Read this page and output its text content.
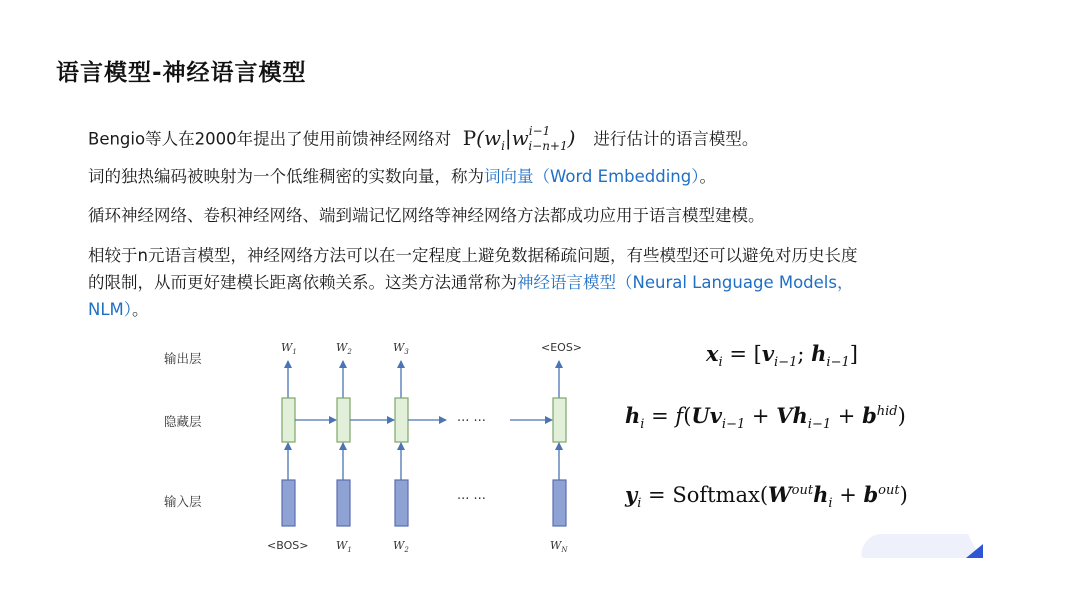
语言模型-神经语言模型
Bengio等人在2000年提出了使用前馈神经网络对 $P(w_i|w^{i-1}_{i-n+1})$   进行估计的语言模型。
词的独热编码被映射为一个低维稠密的实数向量，称为词向量（Word Embedding）。
循环神经网络、卷积神经网络、端到端记忆网络等神经网络方法都成功应用于语言模型建模。
相较于n元语言模型，神经网络方法可以在一定程度上避免数据稀疏问题，有些模型还可以避免对历史长度
的限制，从而更好建模长距离依赖关系。这类方法通常称为神经语言模型（Neural Language Models，
NLM）。
输出层
隐藏层
输入层
$W_1$	$W_2$	$W_3$	<EOS>
··· ···
··· ···
<BOS>	$W_1$	$W_2$	$W_N$
$x_i = [v_{i-1}$; $h_{i-1}$]
$h_i = f(Uv_{i-1} + Vh_{i-1} + b^{hid})$
$y_i$ = $Softmax(W^{out}h_i + b^{out})$
